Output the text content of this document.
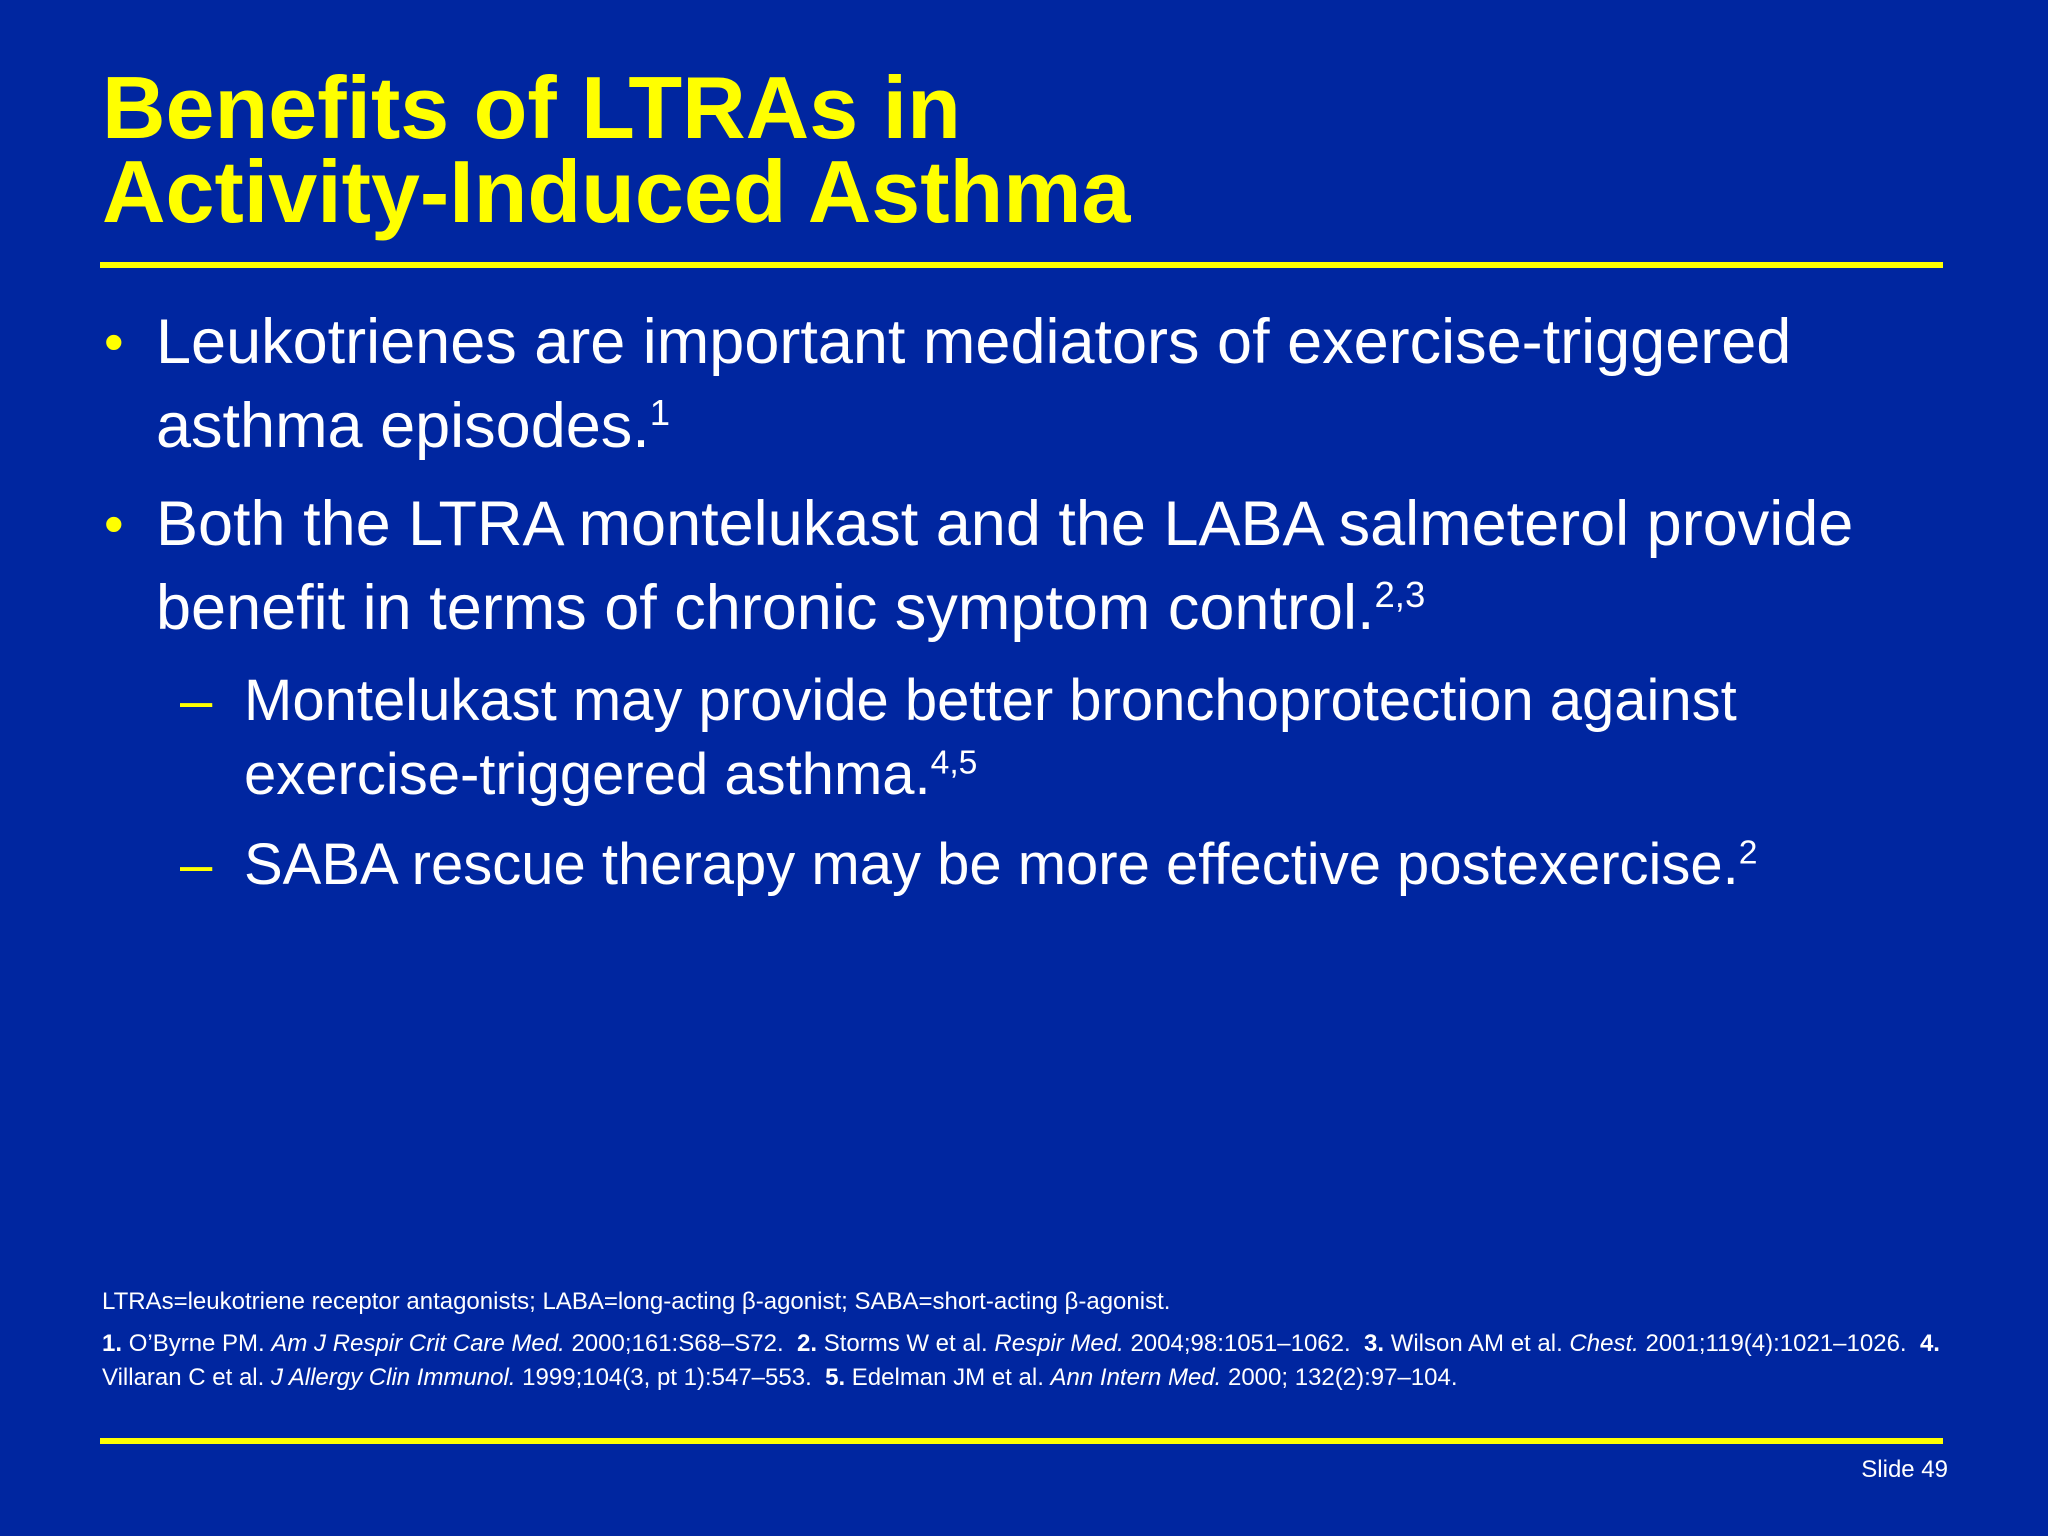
Benefits of LTRAs in
Activity-Induced Asthma
• Leukotrienes are important mediators of exercise-triggered asthma episodes.$^1$
• Both the LTRA montelukast and the LABA salmeterol provide benefit in terms of chronic symptom control.$^{2,3}$
– Montelukast may provide better bronchoprotection against exercise-triggered asthma.$^{4,5}$
– SABA rescue therapy may be more effective postexercise.$^2$
LTRAs=leukotriene receptor antagonists; LABA=long-acting β-agonist; SABA=short-acting β-agonist.
1. O’Byrne PM. Am J Respir Crit Care Med. 2000;161:S68–S72. 2. Storms W et al. Respir Med. 2004;98:1051–1062. 3. Wilson AM et al. Chest. 2001;119(4):1021–1026. 4. Villaran C et al. J Allergy Clin Immunol. 1999;104(3, pt 1):547–553. 5. Edelman JM et al. Ann Intern Med. 2000; 132(2):97–104.
Slide 49
